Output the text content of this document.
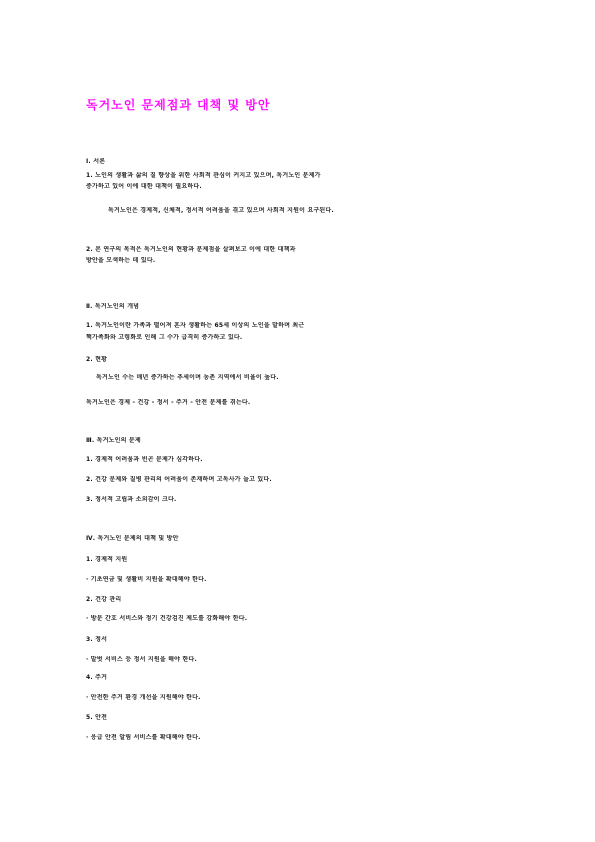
독거노인 문제점과 대책 및 방안
Ⅰ. 서론
1. 노인의 생활과 삶의 질 향상을 위한 사회적 관심이 커지고 있으며, 독거노인 문제가
증가하고 있어 이에 대한 대책이 필요하다.
독거노인은 경제적, 신체적, 정서적 어려움을 겪고 있으며 사회적 지원이 요구된다.
2. 본 연구의 목적은 독거노인의 현황과 문제점을 살펴보고 이에 대한 대책과
방안을 모색하는 데 있다.
Ⅱ. 독거노인의 개념
1. 독거노인이란 가족과 떨어져 혼자 생활하는 65세 이상의 노인을 말하며 최근
핵가족화와 고령화로 인해 그 수가 급격히 증가하고 있다.
2. 현황
독거노인 수는 매년 증가하는 추세이며 농촌 지역에서 비율이 높다.
독거노인은 경제 - 건강 - 정서 - 주거 - 안전 문제를 겪는다.
Ⅲ. 독거노인의 문제
1. 경제적 어려움과 빈곤 문제가 심각하다.
2. 건강 문제와 질병 관리의 어려움이 존재하며 고독사가 늘고 있다.
3. 정서적 고립과 소외감이 크다.
Ⅳ. 독거노인 문제의 대책 및 방안
1. 경제적 지원
· 기초연금 및 생활비 지원을 확대해야 한다.
2. 건강 관리
· 방문 간호 서비스와 정기 건강검진 제도를 강화해야 한다.
3. 정서
· 말벗 서비스 등 정서 지원을 해야 한다.
4. 주거
· 안전한 주거 환경 개선을 지원해야 한다.
5. 안전
· 응급 안전 알림 서비스를 확대해야 한다.
